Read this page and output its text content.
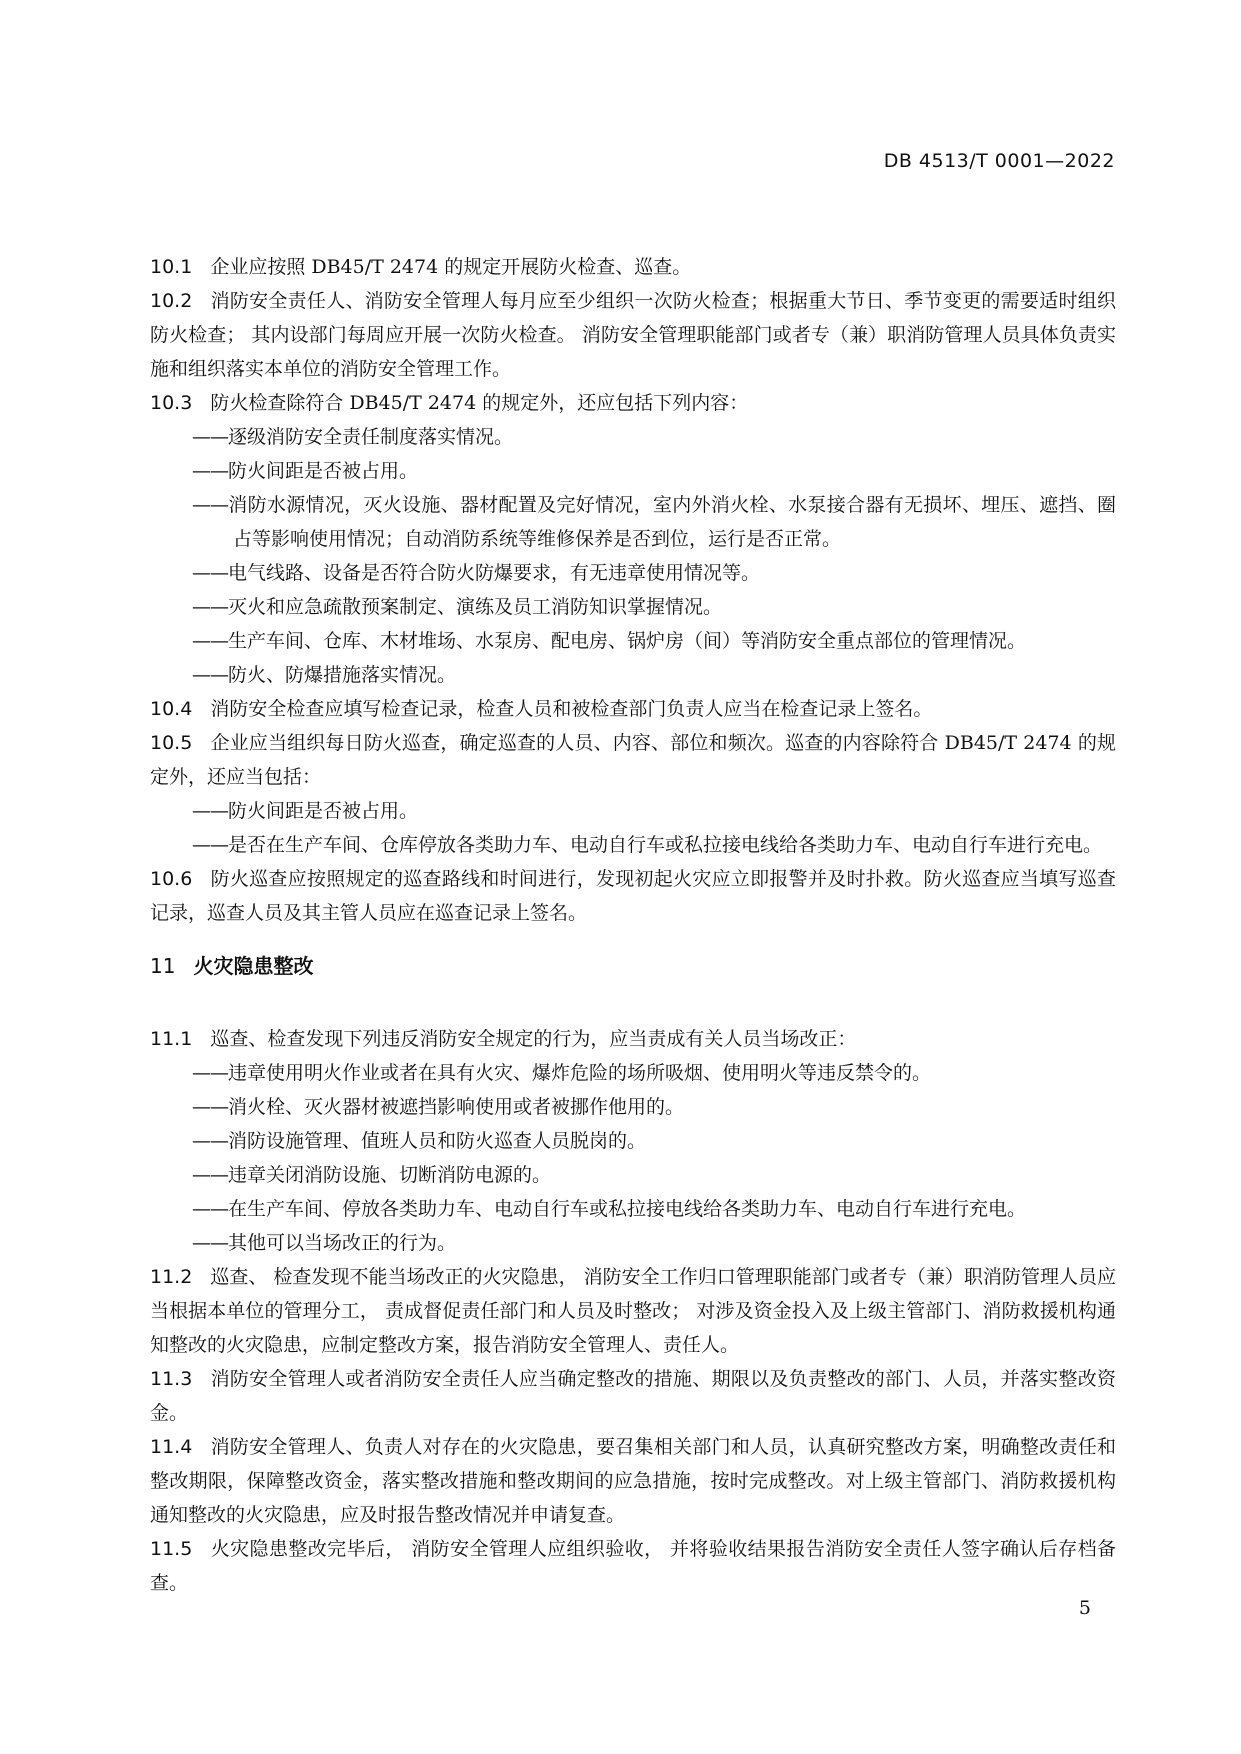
DB 4513/T 0001—2022

10.1 企业应按照 DB45/T 2474 的规定开展防火检查、巡查。

10.2 消防安全责任人、消防安全管理人每月应至少组织一次防火检查；根据重大节日、季节变更的需要适时组织防火检查； 其内设部门每周应开展一次防火检查。 消防安全管理职能部门或者专（兼）职消防管理人员具体负责实施和组织落实本单位的消防安全管理工作。

10.3 防火检查除符合 DB45/T 2474 的规定外，还应包括下列内容：

——逐级消防安全责任制度落实情况。

——防火间距是否被占用。

——消防水源情况，灭火设施、器材配置及完好情况，室内外消火栓、水泵接合器有无损坏、埋压、遮挡、圈占等影响使用情况；自动消防系统等维修保养是否到位，运行是否正常。

——电气线路、设备是否符合防火防爆要求，有无违章使用情况等。

——灭火和应急疏散预案制定、演练及员工消防知识掌握情况。

——生产车间、仓库、木材堆场、水泵房、配电房、锅炉房（间）等消防安全重点部位的管理情况。

——防火、防爆措施落实情况。

10.4 消防安全检查应填写检查记录，检查人员和被检查部门负责人应当在检查记录上签名。

10.5 企业应当组织每日防火巡查，确定巡查的人员、内容、部位和频次。巡查的内容除符合 DB45/T 2474 的规定外，还应当包括：

——防火间距是否被占用。

——是否在生产车间、仓库停放各类助力车、电动自行车或私拉接电线给各类助力车、电动自行车进行充电。

10.6 防火巡查应按照规定的巡查路线和时间进行，发现初起火灾应立即报警并及时扑救。防火巡查应当填写巡查记录，巡查人员及其主管人员应在巡查记录上签名。

11 火灾隐患整改

11.1 巡查、检查发现下列违反消防安全规定的行为，应当责成有关人员当场改正：

——违章使用明火作业或者在具有火灾、爆炸危险的场所吸烟、使用明火等违反禁令的。

——消火栓、灭火器材被遮挡影响使用或者被挪作他用的。

——消防设施管理、值班人员和防火巡查人员脱岗的。

——违章关闭消防设施、切断消防电源的。

——在生产车间、停放各类助力车、电动自行车或私拉接电线给各类助力车、电动自行车进行充电。

——其他可以当场改正的行为。

11.2 巡查、 检查发现不能当场改正的火灾隐患， 消防安全工作归口管理职能部门或者专（兼）职消防管理人员应当根据本单位的管理分工， 责成督促责任部门和人员及时整改； 对涉及资金投入及上级主管部门、消防救援机构通知整改的火灾隐患，应制定整改方案，报告消防安全管理人、责任人。

11.3 消防安全管理人或者消防安全责任人应当确定整改的措施、期限以及负责整改的部门、人员，并落实整改资金。

11.4 消防安全管理人、负责人对存在的火灾隐患，要召集相关部门和人员，认真研究整改方案，明确整改责任和整改期限，保障整改资金，落实整改措施和整改期间的应急措施，按时完成整改。对上级主管部门、消防救援机构通知整改的火灾隐患，应及时报告整改情况并申请复查。

11.5 火灾隐患整改完毕后， 消防安全管理人应组织验收， 并将验收结果报告消防安全责任人签字确认后存档备查。

5
